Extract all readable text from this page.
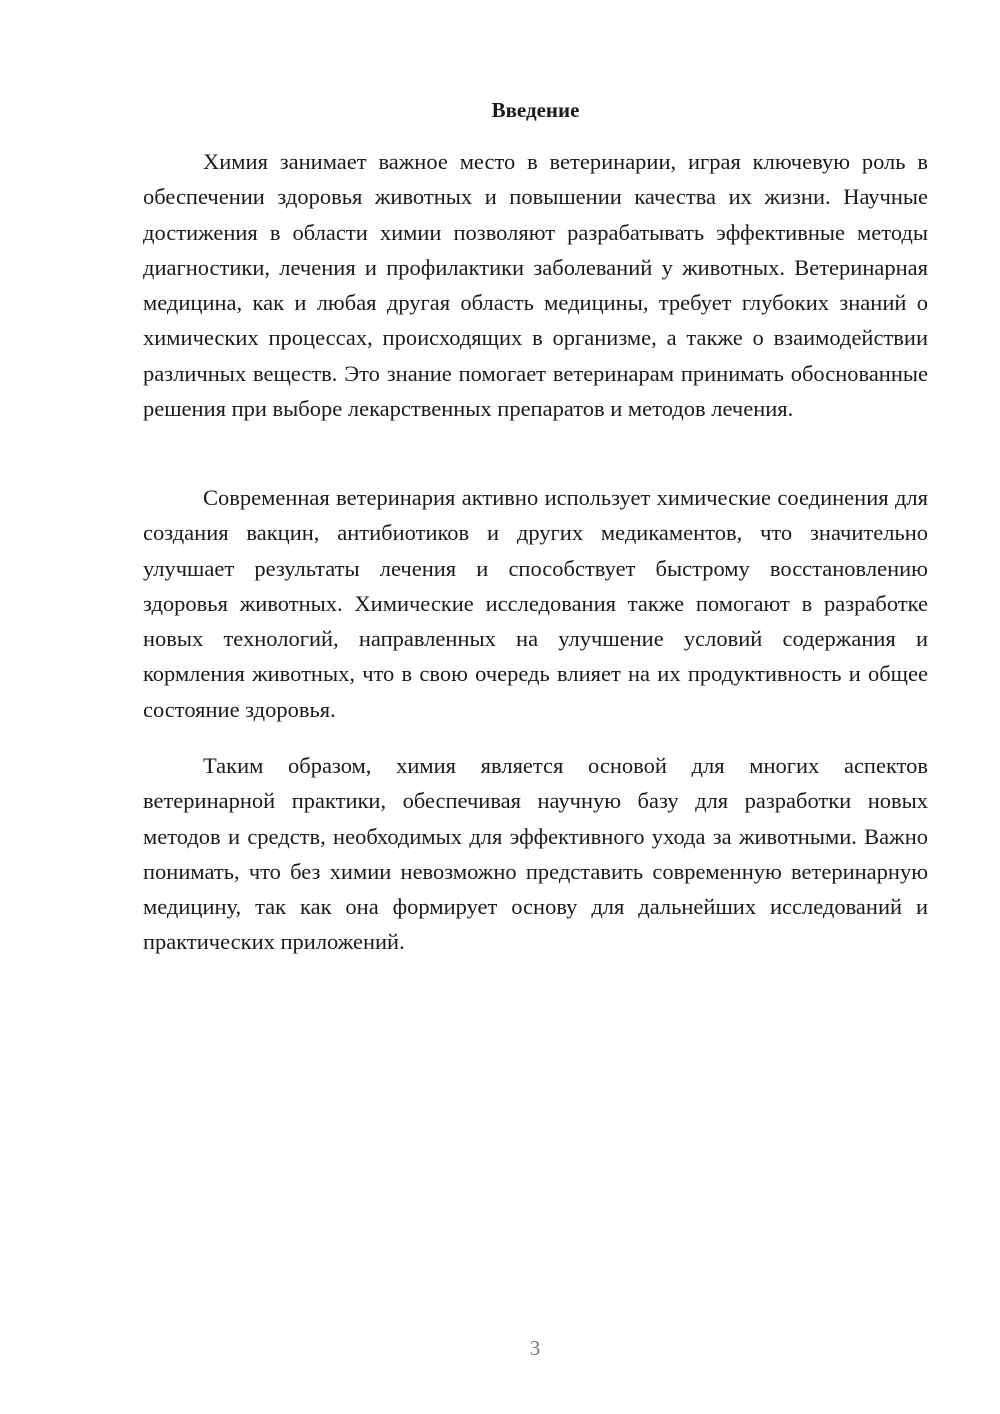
Введение

Химия занимает важное место в ветеринарии, играя ключевую роль в обеспечении здоровья животных и повышении качества их жизни. Научные достижения в области химии позволяют разрабатывать эффективные методы диагностики, лечения и профилактики заболеваний у животных. Ветеринарная медицина, как и любая другая область медицины, требует глубоких знаний о химических процессах, происходящих в организме, а также о взаимодействии различных веществ. Это знание помогает ветеринарам принимать обоснованные решения при выборе лекарственных препаратов и методов лечения.

Современная ветеринария активно использует химические соединения для создания вакцин, антибиотиков и других медикаментов, что значительно улучшает результаты лечения и способствует быстрому восстановлению здоровья животных. Химические исследования также помогают в разработке новых технологий, направленных на улучшение условий содержания и кормления животных, что в свою очередь влияет на их продуктивность и общее состояние здоровья.

Таким образом, химия является основой для многих аспектов ветеринарной практики, обеспечивая научную базу для разработки новых методов и средств, необходимых для эффективного ухода за животными. Важно понимать, что без химии невозможно представить современную ветеринарную медицину, так как она формирует основу для дальнейших исследований и практических приложений.

3
